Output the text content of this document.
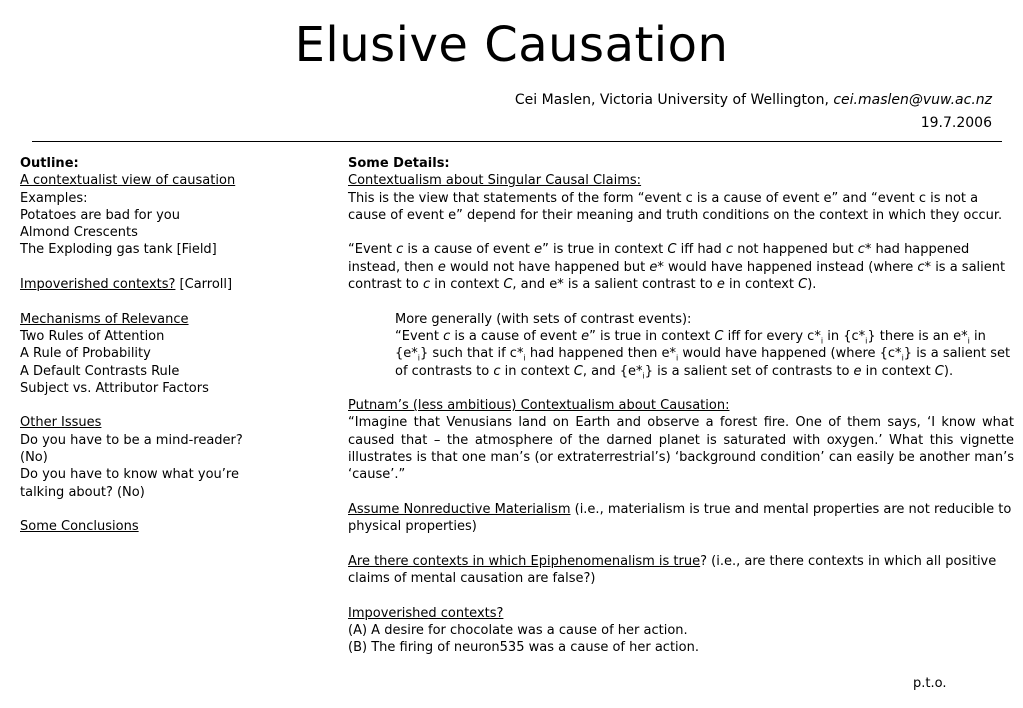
Elusive Causation
Cei Maslen, Victoria University of Wellington, cei.maslen@vuw.ac.nz
19.7.2006
Outline:
A contextualist view of causation
Examples:
Potatoes are bad for you
Almond Crescents
The Exploding gas tank [Field]
Impoverished contexts? [Carroll]
Mechanisms of Relevance
Two Rules of Attention
A Rule of Probability
A Default Contrasts Rule
Subject vs. Attributor Factors
Other Issues
Do you have to be a mind-reader?
(No)
Do you have to know what you’re
talking about? (No)
Some Conclusions
Some Details:
Contextualism about Singular Causal Claims:
This is the view that statements of the form “event c is a cause of event e” and “event c is not a cause of event e” depend for their meaning and truth conditions on the context in which they occur.
“Event c is a cause of event e” is true in context C iff had c not happened but c* had happened instead, then e would not have happened but e* would have happened instead (where c* is a salient contrast to c in context C, and e* is a salient contrast to e in context C).
More generally (with sets of contrast events):
“Event c is a cause of event e” is true in context C iff for every $c*_i$ in $\{c*_i\}$ there is an $e*_i$ in $\{e*_i\}$ such that if $c*_i$ had happened then $e*_i$ would have happened (where $\{c*_i\}$ is a salient set of contrasts to c in context C, and $\{e*_i\}$ is a salient set of contrasts to e in context C).
Putnam’s (less ambitious) Contextualism about Causation:
“Imagine that Venusians land on Earth and observe a forest fire. One of them says, ‘I know what caused that – the atmosphere of the darned planet is saturated with oxygen.’ What this vignette illustrates is that one man’s (or extraterrestrial’s) ‘background condition’ can easily be another man’s ‘cause’.”
Assume Nonreductive Materialism (i.e., materialism is true and mental properties are not reducible to physical properties)
Are there contexts in which Epiphenomenalism is true? (i.e., are there contexts in which all positive claims of mental causation are false?)
Impoverished contexts?
(A) A desire for chocolate was a cause of her action.
(B) The firing of neuron535 was a cause of her action.
p.t.o.
